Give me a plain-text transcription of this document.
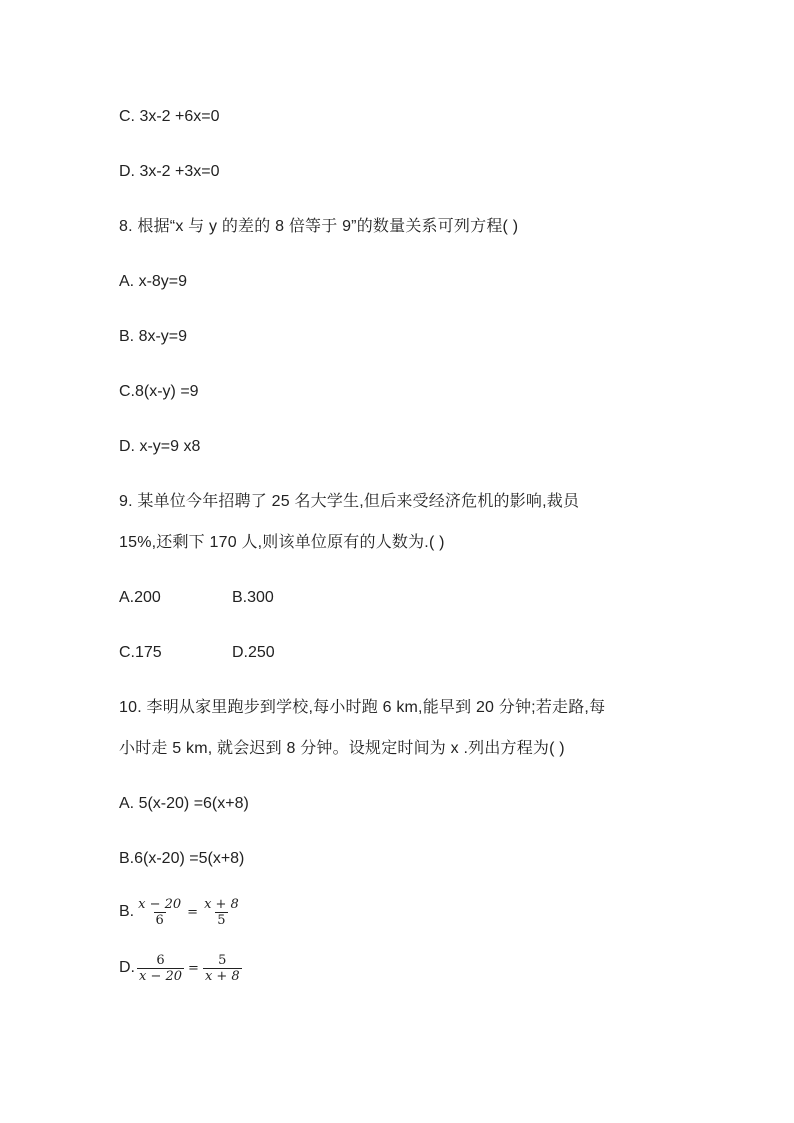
C. 3x-2 +6x=0
D. 3x-2 +3x=0
8. 根据“x 与 y 的差的 8 倍等于 9”的数量关系可列方程( )
A. x-8y=9
B. 8x-y=9
C.8(x-y) =9
D. x-y=9 x8
9. 某单位今年招聘了 25 名大学生,但后来受经济危机的影响,裁员
15%,还剩下 170 人,则该单位原有的人数为.( )
A.200	B.300
C.175	D.250
10. 李明从家里跑步到学校,每小时跑 6 km,能早到 20 分钟;若走路,每
小时走 5 km, 就会迟到 8 分钟。设规定时间为 x .列出方程为( )
A. 5(x-20) =6(x+8)
B.6(x-20) =5(x+8)
B. $\frac{x - 20}{6} = \frac{x + 8}{5}$
D. $\frac{6}{x - 20} = \frac{5}{x + 8}$
